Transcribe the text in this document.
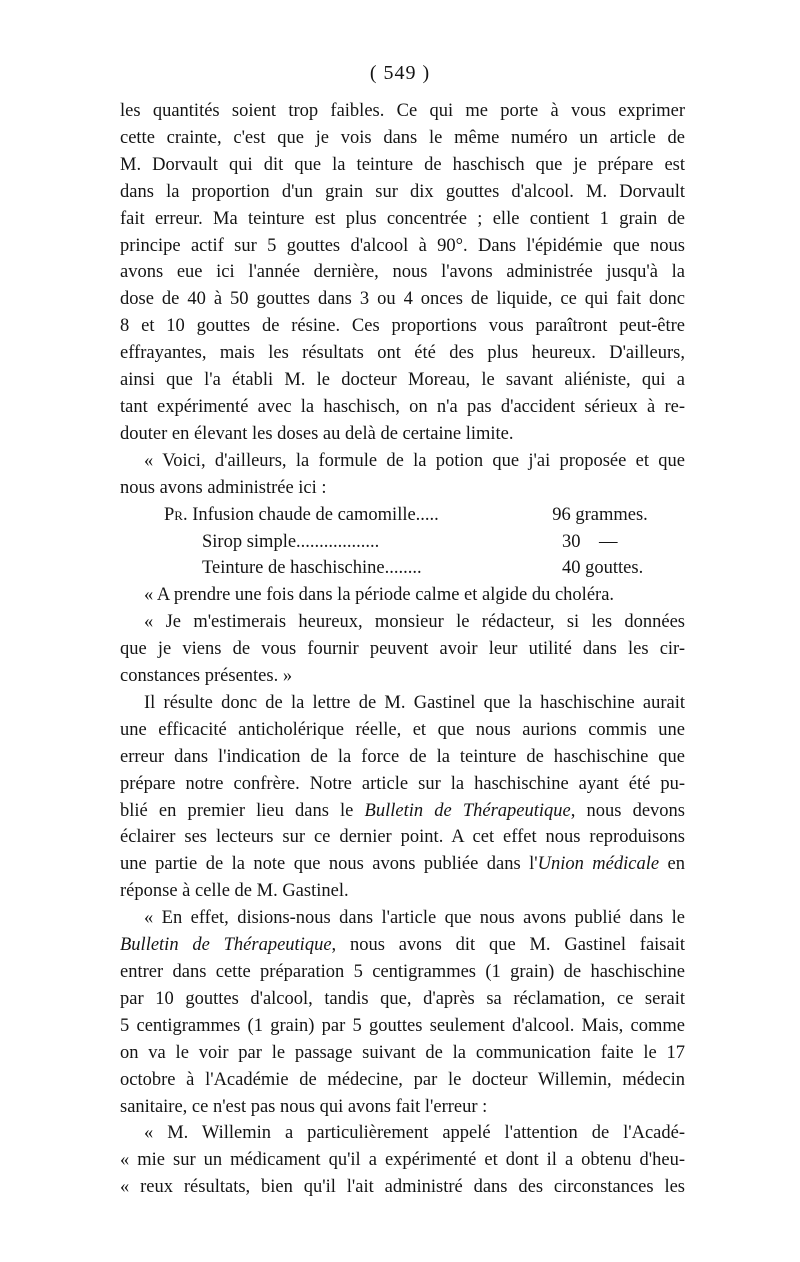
( 549 )
les quantités soient trop faibles. Ce qui me porte à vous exprimer
cette crainte, c'est que je vois dans le même numéro un article de
M. Dorvault qui dit que la teinture de haschisch que je prépare est
dans la proportion d'un grain sur dix gouttes d'alcool. M. Dorvault
fait erreur. Ma teinture est plus concentrée ; elle contient 1 grain de
principe actif sur 5 gouttes d'alcool à 90°. Dans l'épidémie que nous
avons eue ici l'année dernière, nous l'avons administrée jusqu'à la
dose de 40 à 50 gouttes dans 3 ou 4 onces de liquide, ce qui fait donc
8 et 10 gouttes de résine. Ces proportions vous paraîtront peut-être
effrayantes, mais les résultats ont été des plus heureux. D'ailleurs,
ainsi que l'a établi M. le docteur Moreau, le savant aliéniste, qui a
tant expérimenté avec la haschisch, on n'a pas d'accident sérieux à re-
douter en élevant les doses au delà de certaine limite.
« Voici, d'ailleurs, la formule de la potion que j'ai proposée et que
nous avons administrée ici :
Pr. Infusion chaude de camomille.....	96 grammes.
Sirop simple..................	30    —
Teinture de haschischine........	40 gouttes.
« A prendre une fois dans la période calme et algide du choléra.
« Je m'estimerais heureux, monsieur le rédacteur, si les données
que je viens de vous fournir peuvent avoir leur utilité dans les cir-
constances présentes. »
Il résulte donc de la lettre de M. Gastinel que la haschischine aurait
une efficacité anticholérique réelle, et que nous aurions commis une
erreur dans l'indication de la force de la teinture de haschischine que
prépare notre confrère. Notre article sur la haschischine ayant été pu-
blié en premier lieu dans le Bulletin de Thérapeutique, nous devons
éclairer ses lecteurs sur ce dernier point. A cet effet nous reproduisons
une partie de la note que nous avons publiée dans l'Union médicale en
réponse à celle de M. Gastinel.
« En effet, disions-nous dans l'article que nous avons publié dans le
Bulletin de Thérapeutique, nous avons dit que M. Gastinel faisait
entrer dans cette préparation 5 centigrammes (1 grain) de haschischine
par 10 gouttes d'alcool, tandis que, d'après sa réclamation, ce serait
5 centigrammes (1 grain) par 5 gouttes seulement d'alcool. Mais, comme
on va le voir par le passage suivant de la communication faite le 17
octobre à l'Académie de médecine, par le docteur Willemin, médecin
sanitaire, ce n'est pas nous qui avons fait l'erreur :
« M. Willemin a particulièrement appelé l'attention de l'Acadé-
« mie sur un médicament qu'il a expérimenté et dont il a obtenu d'heu-
« reux résultats, bien qu'il l'ait administré dans des circonstances les
